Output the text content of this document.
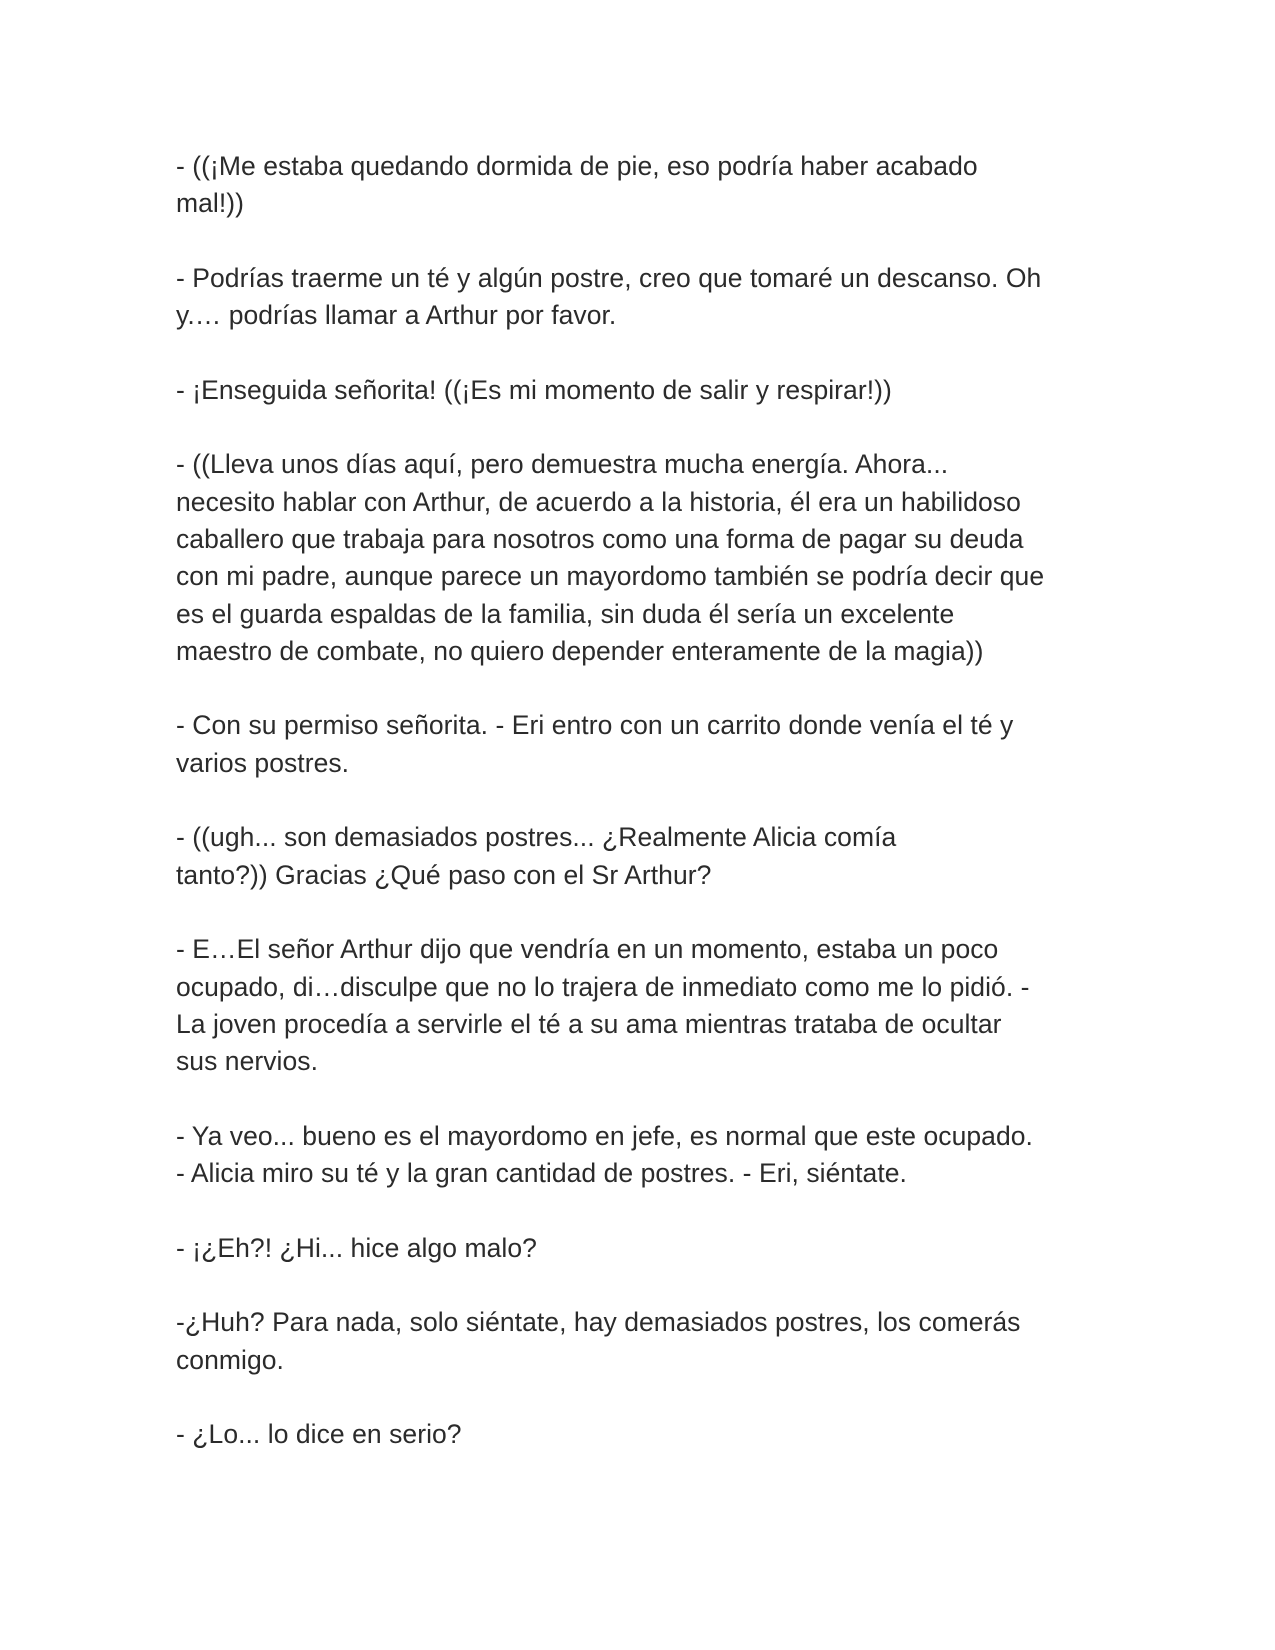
- ((¡Me estaba quedando dormida de pie, eso podría haber acabado
mal!))

- Podrías traerme un té y algún postre, creo que tomaré un descanso. Oh
y.… podrías llamar a Arthur por favor.

- ¡Enseguida señorita! ((¡Es mi momento de salir y respirar!))

- ((Lleva unos días aquí, pero demuestra mucha energía. Ahora...
necesito hablar con Arthur, de acuerdo a la historia, él era un habilidoso
caballero que trabaja para nosotros como una forma de pagar su deuda
con mi padre, aunque parece un mayordomo también se podría decir que
es el guarda espaldas de la familia, sin duda él sería un excelente
maestro de combate, no quiero depender enteramente de la magia))

- Con su permiso señorita. - Eri entro con un carrito donde venía el té y
varios postres.

- ((ugh... son demasiados postres... ¿Realmente Alicia comía
tanto?)) Gracias ¿Qué paso con el Sr Arthur?

- E…El señor Arthur dijo que vendría en un momento, estaba un poco
ocupado, di…disculpe que no lo trajera de inmediato como me lo pidió. -
La joven procedía a servirle el té a su ama mientras trataba de ocultar
sus nervios.

- Ya veo... bueno es el mayordomo en jefe, es normal que este ocupado.
- Alicia miro su té y la gran cantidad de postres. - Eri, siéntate.

- ¡¿Eh?! ¿Hi... hice algo malo?

-¿Huh? Para nada, solo siéntate, hay demasiados postres, los comerás
conmigo.

- ¿Lo... lo dice en serio?
